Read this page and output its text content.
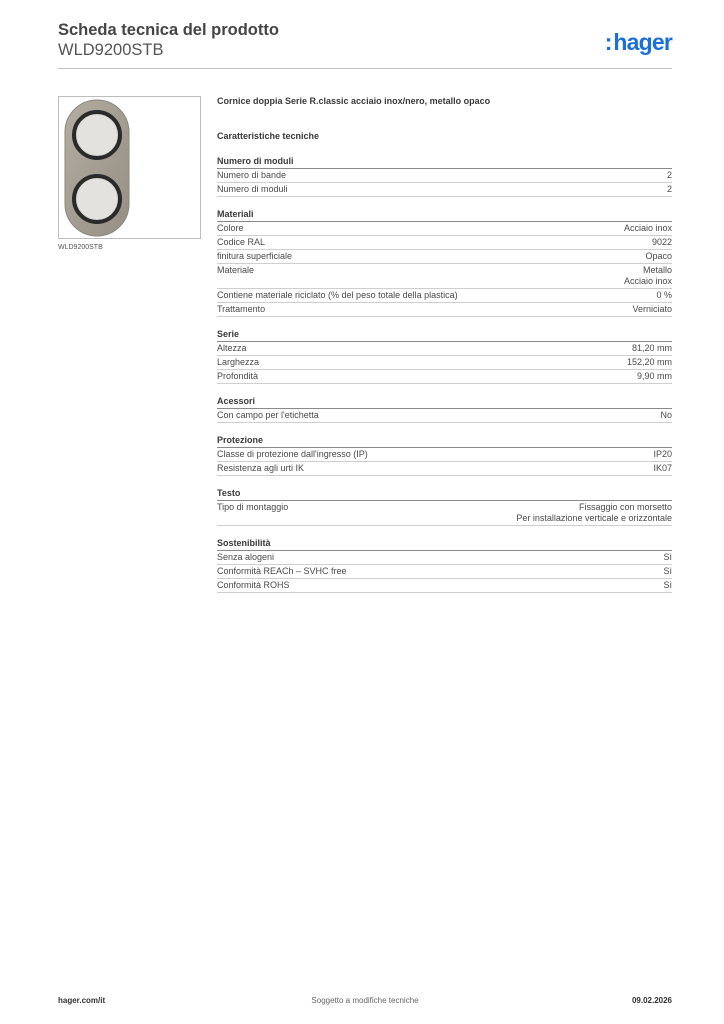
Scheda tecnica del prodotto
WLD9200STB	:hager
WLD9200STB
Cornice doppia Serie R.classic acciaio inox/nero, metallo opaco
Caratteristiche tecniche
Numero di moduli
Numero di bande	2
Numero di moduli	2
Materiali
Colore	Acciaio inox
Codice RAL	9022
finitura superficiale	Opaco
Materiale	Metallo
Acciaio inox
Contiene materiale riciclato (% del peso totale della plastica)	0 %
Trattamento	Verniciato
Serie
Altezza	81,20 mm
Larghezza	152,20 mm
Profondità	9,90 mm
Acessori
Con campo per l'etichetta	No
Protezione
Classe di protezione dall'ingresso (IP)	IP20
Resistenza agli urti IK	IK07
Testo
Tipo di montaggio	Fissaggio con morsetto
Per installazione verticale e orizzontale
Sostenibilità
Senza alogeni	Sì
Conformità REACh – SVHC free	Sì
Conformità ROHS	Sì
Soggetto a modifiche tecniche
hager.com/it	09.02.2026
